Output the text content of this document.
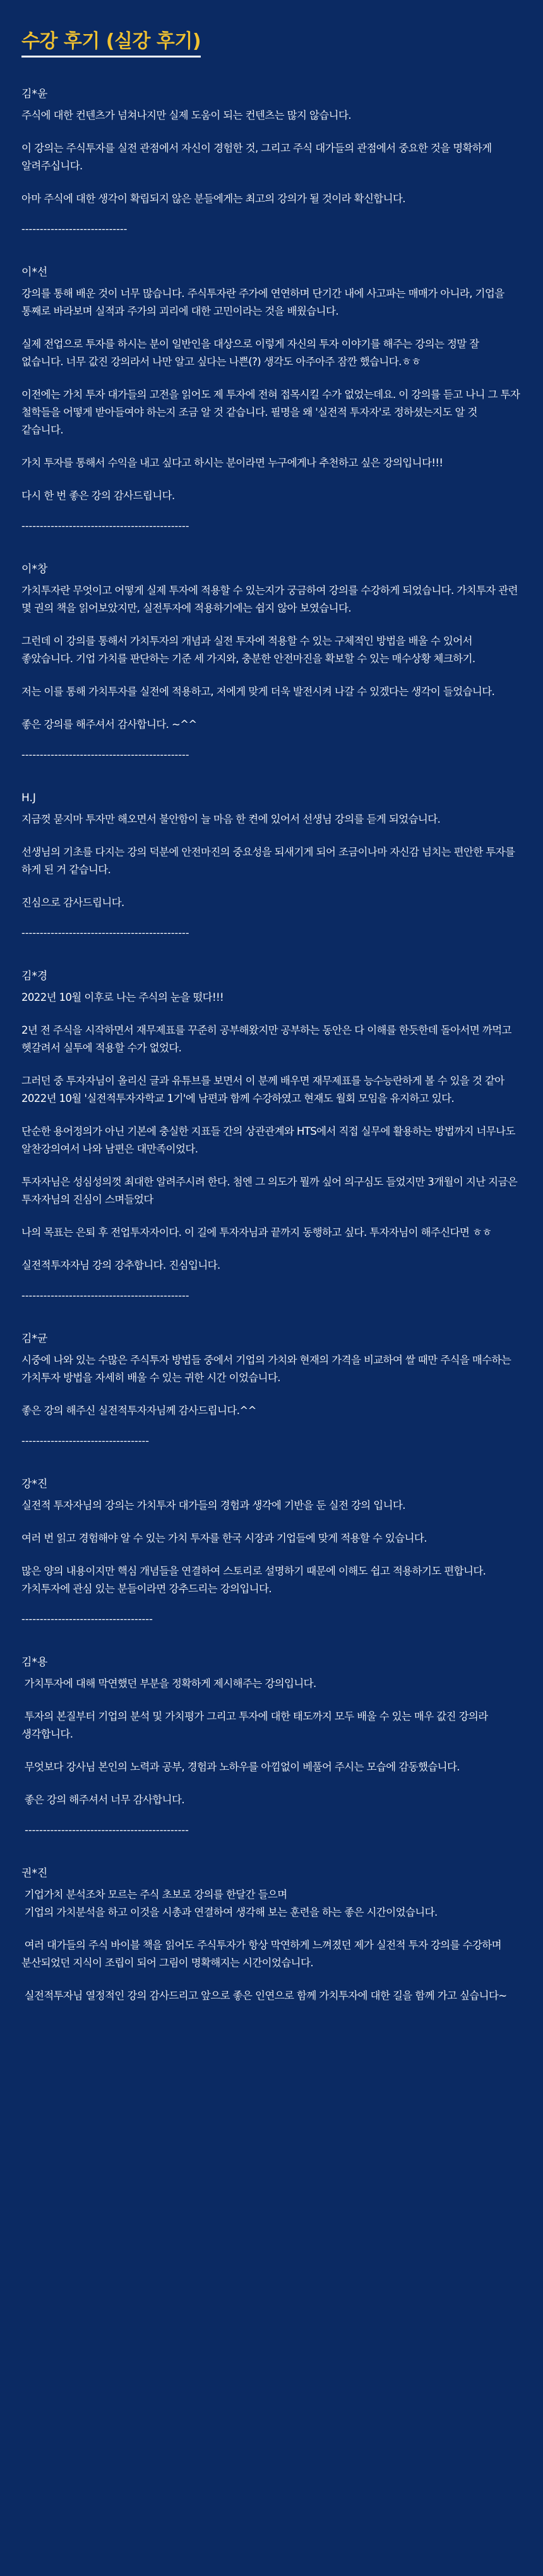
수강 후기 (실강 후기)
김*윤
주식에 대한 컨텐츠가 넘쳐나지만 실제 도움이 되는 컨텐츠는 많지 않습니다.
이 강의는 주식투자를 실전 관점에서 자신이 경험한 것, 그리고 주식 대가들의 관점에서 중요한 것을 명확하게 알려주십니다.
아마 주식에 대한 생각이 확립되지 않은 분들에게는 최고의 강의가 될 것이라 확신합니다.
-----------------------------
이*선
강의를 통해 배운 것이 너무 많습니다. 주식투자란 주가에 연연하며 단기간 내에 사고파는 매매가 아니라, 기업을 통째로 바라보며 실적과 주가의 괴리에 대한 고민이라는 것을 배웠습니다.
실제 전업으로 투자를 하시는 분이 일반인을 대상으로 이렇게 자신의 투자 이야기를 해주는 강의는 정말 잘 없습니다. 너무 값진 강의라서 나만 알고 싶다는 나쁜(?) 생각도 아주아주 잠깐 했습니다.ㅎㅎ
이전에는 가치 투자 대가들의 고전을 읽어도 제 투자에 전혀 접목시킬 수가 없었는데요. 이 강의를 듣고 나니 그 투자 철학들을 어떻게 받아들여야 하는지 조금 알 것 같습니다. 필명을 왜 '실전적 투자자'로 정하셨는지도 알 것 같습니다.
가치 투자를 통해서 수익을 내고 싶다고 하시는 분이라면 누구에게나 추천하고 싶은 강의입니다!!!
다시 한 번 좋은 강의 감사드립니다.
----------------------------------------------
이*창
가치투자란 무엇이고 어떻게 실제 투자에 적용할 수 있는지가 궁금하여 강의를 수강하게 되었습니다. 가치투자 관련 몇 권의 책을 읽어보았지만, 실전투자에 적용하기에는 쉽지 않아 보였습니다.
그런데 이 강의를 통해서 가치투자의 개념과 실전 투자에 적용할 수 있는 구체적인 방법을 배울 수 있어서 좋았습니다. 기업 가치를 판단하는 기준 세 가지와, 충분한 안전마진을 확보할 수 있는 매수상황 체크하기.
저는 이를 통해 가치투자를 실전에 적용하고, 저에게 맞게 더욱 발전시켜 나갈 수 있겠다는 생각이 들었습니다.
좋은 강의를 해주셔서 감사합니다. ~^^
----------------------------------------------
H.J
지금껏 묻지마 투자만 해오면서 불안함이 늘 마음 한 켠에 있어서 선생님 강의를 듣게 되었습니다.
선생님의 기초를 다지는 강의 덕분에 안전마진의 중요성을 되새기게 되어 조금이나마 자신감 넘치는 편안한 투자를 하게 된 거 같습니다.
진심으로 감사드립니다.
----------------------------------------------
김*경
2022년 10월 이후로 나는 주식의 눈을 떴다!!!
2년 전 주식을 시작하면서 재무제표를 꾸준히 공부해왔지만 공부하는 동안은 다 이해를 한듯한데 돌아서면 까먹고 헷갈려서 실투에 적용할 수가 없었다.
그러던 중 투자자님이 올리신 글과 유튜브를 보면서 이 분께 배우면 재무제표를 능수능란하게 볼 수 있을 것 같아 2022년 10월 '실전적투자자학교 1기'에 남편과 함께 수강하였고 현재도 월회 모임을 유지하고 있다.
단순한 용어정의가 아닌 기본에 충실한 지표들 간의 상관관계와 HTS에서 직접 실무에 활용하는 방법까지 너무나도 알찬강의여서 나와 남편은 대만족이었다.
투자자님은 성심성의껏 최대한 알려주시려 한다. 첨엔 그 의도가 뭘까 싶어 의구심도 들었지만 3개월이 지난 지금은 투자자님의 진심이 스며들었다
나의 목표는 은퇴 후 전업투자자이다. 이 길에 투자자님과 끝까지 동행하고 싶다. 투자자님이 해주신다면 ㅎㅎ
실전적투자자님 강의 강추합니다. 진심입니다.
----------------------------------------------
김*균
시중에 나와 있는 수많은 주식투자 방법들 중에서 기업의 가치와 현재의 가격을 비교하여 쌀 때만 주식을 매수하는 가치투자 방법을 자세히 배울 수 있는 귀한 시간 이었습니다.
좋은 강의 해주신 실전적투자자님께 감사드립니다.^^
-----------------------------------
강*진
실전적 투자자님의 강의는 가치투자 대가들의 경험과 생각에 기반을 둔 실전 강의 입니다.
여러 번 읽고 경험해야 알 수 있는 가치 투자를 한국 시장과 기업들에 맞게 적용할 수 있습니다.
많은 양의 내용이지만 핵심 개념들을 연결하여 스토리로 설명하기 때문에 이해도 쉽고 적용하기도 편합니다. 가치투자에 관심 있는 분들이라면 강추드리는 강의입니다.
------------------------------------
김*용
가치투자에 대해 막연했던 부분을 정확하게 제시해주는 강의입니다.
투자의 본질부터 기업의 분석 및 가치평가 그리고 투자에 대한 태도까지 모두 배울 수 있는 매우 값진 강의라 생각합니다.
무엇보다 강사님 본인의 노력과 공부, 경험과 노하우를 아낌없이 베풀어 주시는 모습에 감동했습니다.
좋은 강의 해주셔서 너무 감사합니다.
---------------------------------------------
권*진
기업가치 분석조차 모르는 주식 초보로 강의를 한달간 들으며
기업의 가치분석을 하고 이것을 시총과 연결하여 생각해 보는 훈련을 하는 좋은 시간이었습니다.
여러 대가들의 주식 바이블 책을 읽어도 주식투자가 항상 막연하게 느껴졌던 제가 실전적 투자 강의를 수강하며 분산되었던 지식이 조립이 되어 그림이 명확해지는 시간이었습니다.
실전적투자님 열정적인 강의 감사드리고 앞으로 좋은 인연으로 함께 가치투자에 대한 길을 함께 가고 싶습니다~
